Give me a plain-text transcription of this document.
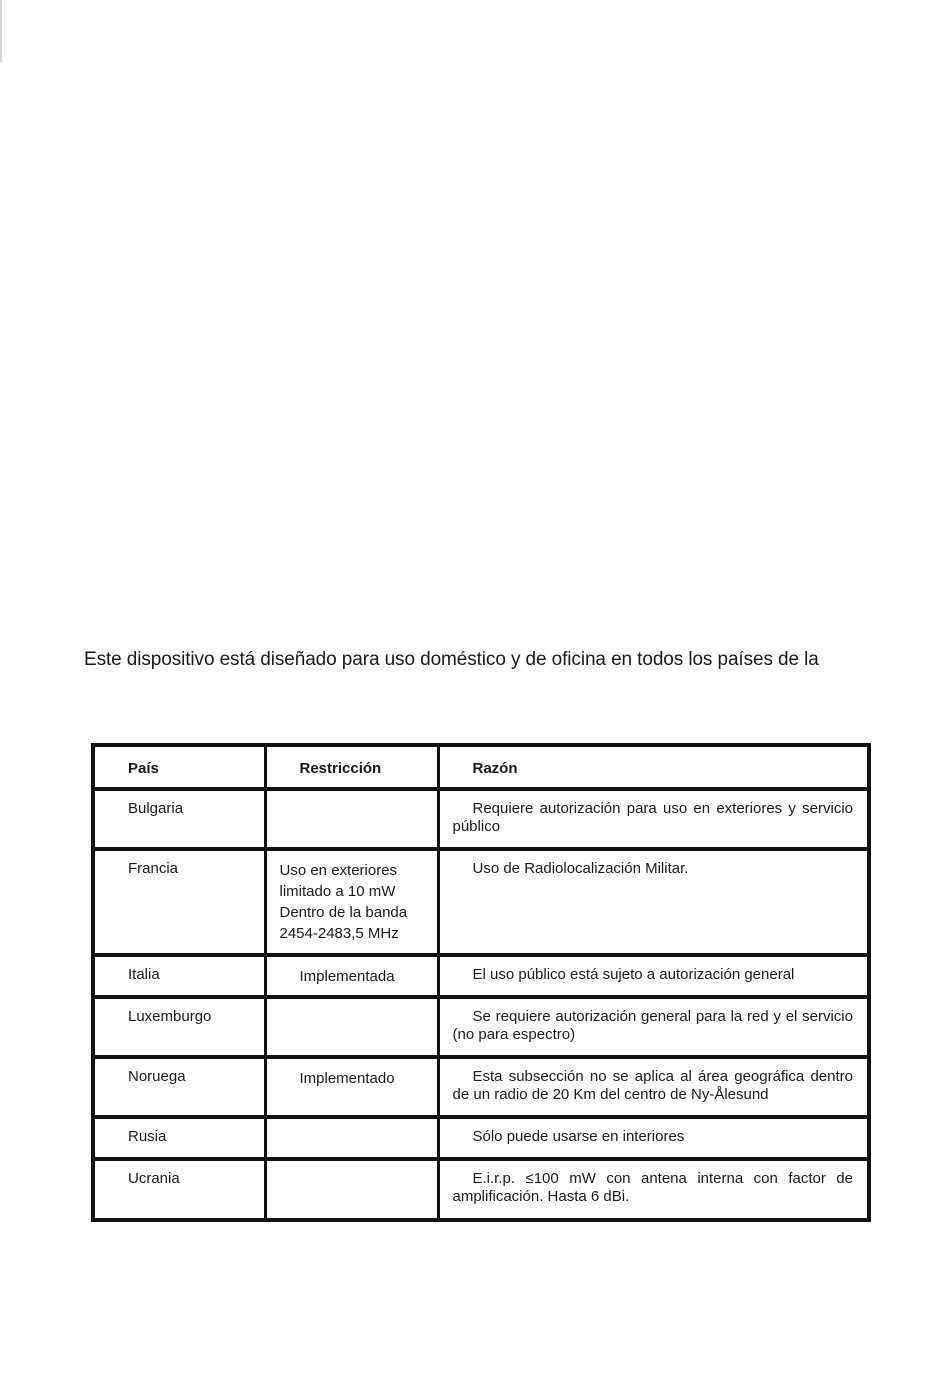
Este dispositivo está diseñado para uso doméstico y de oficina en todos los países de la

País	Restricción	Razón
Bulgaria		Requiere autorización para uso en exteriores y servicio público
Francia	Uso en exteriores limitado a 10 mW Dentro de la banda 2454-2483,5 MHz	Uso de Radiolocalización Militar.
Italia	Implementada	El uso público está sujeto a autorización general
Luxemburgo		Se requiere autorización general para la red y el servicio (no para espectro)
Noruega	Implementado	Esta subsección no se aplica al área geográfica dentro de un radio de 20 Km del centro de Ny-Ålesund
Rusia		Sólo puede usarse en interiores
Ucrania		E.i.r.p. ≤100 mW con antena interna con factor de amplificación. Hasta 6 dBi.
